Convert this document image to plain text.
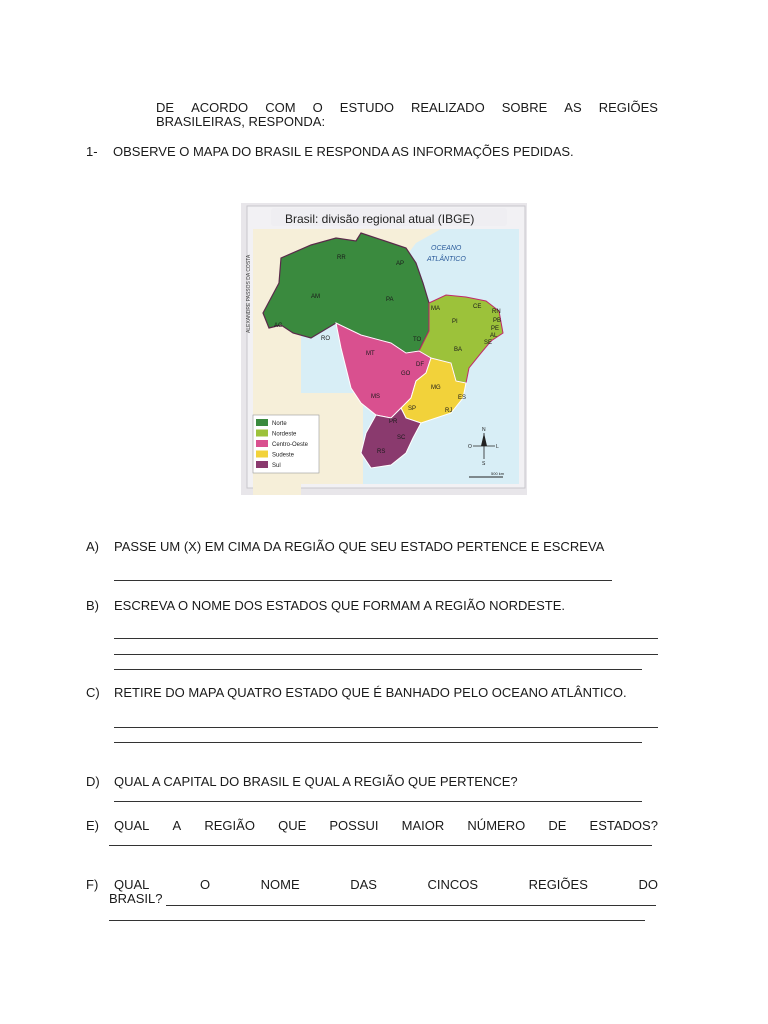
DE ACORDO COM O ESTUDO REALIZADO SOBRE AS REGIÕES
BRASILEIRAS, RESPONDA:
1- OBSERVE O MAPA DO BRASIL E RESPONDA AS INFORMAÇÕES PEDIDAS.
RR
AP
AM	PA
AC
RO	TO
MA
PI
CE
RN
PB
PE
AL
SE
BA
MT
DF
GO
MS
MG
ES
SP	RJ
PR
SC
RS
OCEANO
ATLÂNTICO
Brasil: divisão regional atual (IBGE)
ALEXANDRE PASSOS DA COSTA
Norte
Nordeste
Centro-Oeste
Sudeste
Sul
N
S
L
O
500 km
A) PASSE UM (X) EM CIMA DA REGIÃO QUE SEU ESTADO PERTENCE E ESCREVA
B) ESCREVA O NOME DOS ESTADOS QUE FORMAM A REGIÃO NORDESTE.
C) RETIRE DO MAPA QUATRO ESTADO QUE É BANHADO PELO OCEANO ATLÂNTICO.
D) QUAL A CAPITAL DO BRASIL E QUAL A REGIÃO QUE PERTENCE?
E) QUAL A REGIÃO QUE POSSUI MAIOR NÚMERO DE ESTADOS?
F) QUAL	O	NOME	DAS	CINCOS	REGIÕES	DO
BRASIL?
